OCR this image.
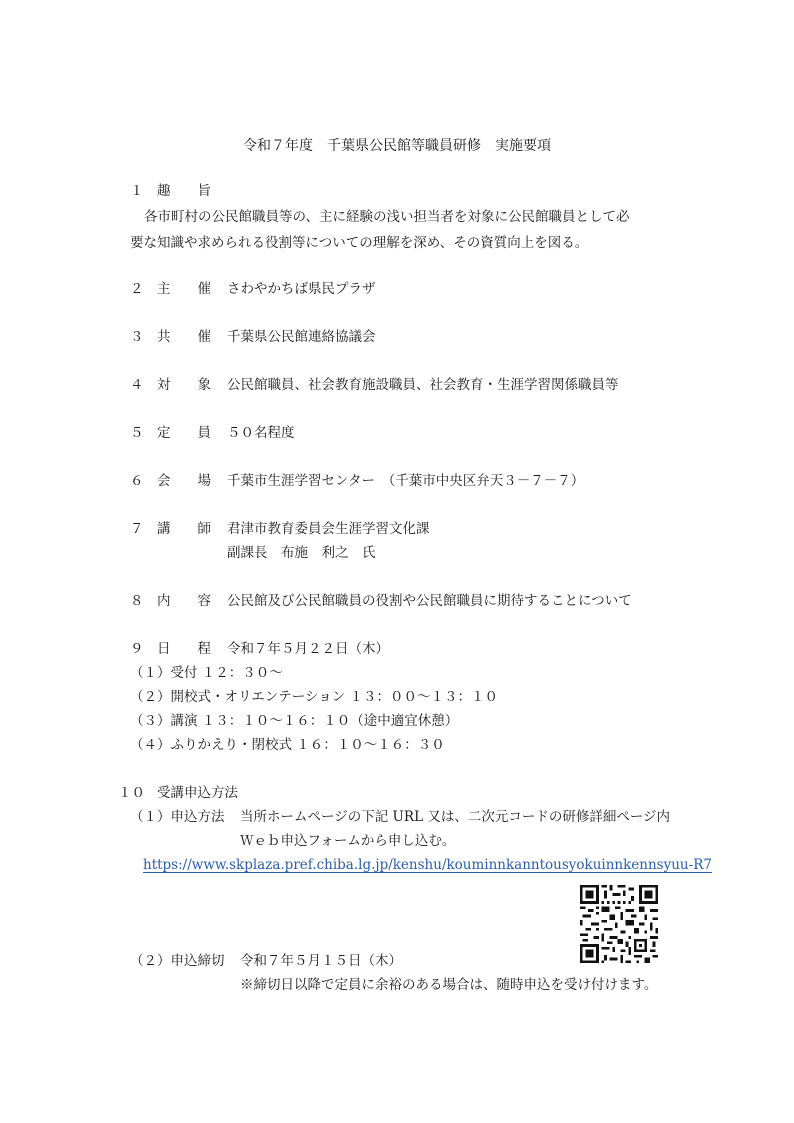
令和７年度　千葉県公民館等職員研修　実施要項
１	趣　　旨
各市町村の公民館職員等の、主に経験の浅い担当者を対象に公民館職員として必
要な知識や求められる役割等についての理解を深め、その資質向上を図る。
２	主　　催 さわやかちば県民プラザ
３	共　　催 千葉県公民館連絡協議会
４	対　　象 公民館職員、社会教育施設職員、社会教育・生涯学習関係職員等
５	定　　員 ５０名程度
６	会　　場 千葉市生涯学習センター　（千葉市中央区弁天３－７－７）
７	講　　師 君津市教育委員会生涯学習文化課
副課長　布施　利之　氏
８	内　　容 公民館及び公民館職員の役割や公民館職員に期待することについて
９	日　　程 令和７年５月２２日（木）
（１）受付 １２：３０～
（２）開校式・オリエンテーション １３：００～１３：１０
（３）講演 １３：１０～１６：１０（途中適宜休憩）
（４）ふりかえり・閉校式 １６：１０～１６：３０
１０ 受講申込方法
（１）申込方法 当所ホームページの下記 URL 又は、二次元コードの研修詳細ページ内
Ｗｅｂ申込フォームから申し込む。
https://www.skplaza.pref.chiba.lg.jp/kenshu/kouminnkanntousyokuinnkennsyuu-R7
（２）申込締切 令和７年５月１５日（木）
※締切日以降で定員に余裕のある場合は、随時申込を受け付けます。
